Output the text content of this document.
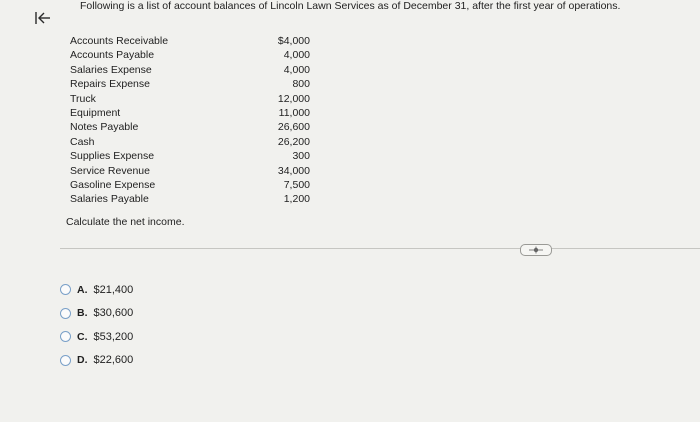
Following is a list of account balances of Lincoln Lawn Services as of December 31, after the first year of operations.
Accounts Receivable	$4,000
Accounts Payable	4,000
Salaries Expense	4,000
Repairs Expense	800
Truck	12,000
Equipment	11,000
Notes Payable	26,600
Cash	26,200
Supplies Expense	300
Service Revenue	34,000
Gasoline Expense	7,500
Salaries Payable	1,200
Calculate the net income.
A. $21,400
B. $30,600
C. $53,200
D. $22,600
